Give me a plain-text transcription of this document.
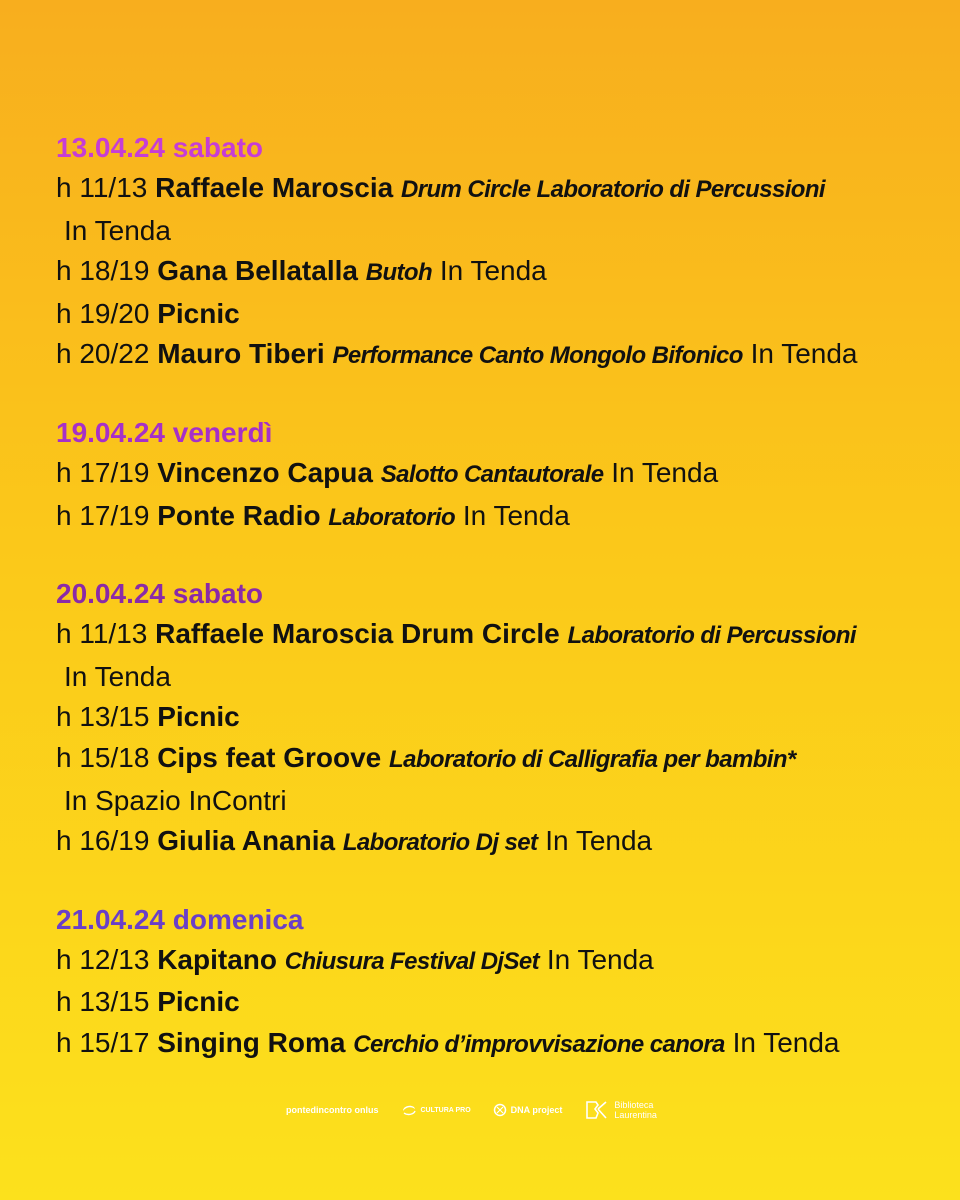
13.04.24 sabato
h 11/13 Raffaele Maroscia Drum Circle Laboratorio di Percussioni
In Tenda
h 18/19 Gana Bellatalla Butoh In Tenda
h 19/20 Picnic
h 20/22 Mauro Tiberi Performance Canto Mongolo Bifonico In Tenda
19.04.24 venerdì
h 17/19 Vincenzo Capua Salotto Cantautorale In Tenda
h 17/19 Ponte Radio Laboratorio In Tenda
20.04.24 sabato
h 11/13 Raffaele Maroscia Drum Circle Laboratorio di Percussioni
In Tenda
h 13/15 Picnic
h 15/18 Cips feat Groove Laboratorio di Calligrafia per bambin*
In Spazio InContri
h 16/19 Giulia Anania Laboratorio Dj set In Tenda
21.04.24 domenica
h 12/13 Kapitano Chiusura Festival DjSet In Tenda
h 13/15 Picnic
h 15/17 Singing Roma Cerchio d’improvvisazione canora In Tenda
pontedincontro onlus	CULTURA PRO	DNA project	Biblioteca Laurentina
